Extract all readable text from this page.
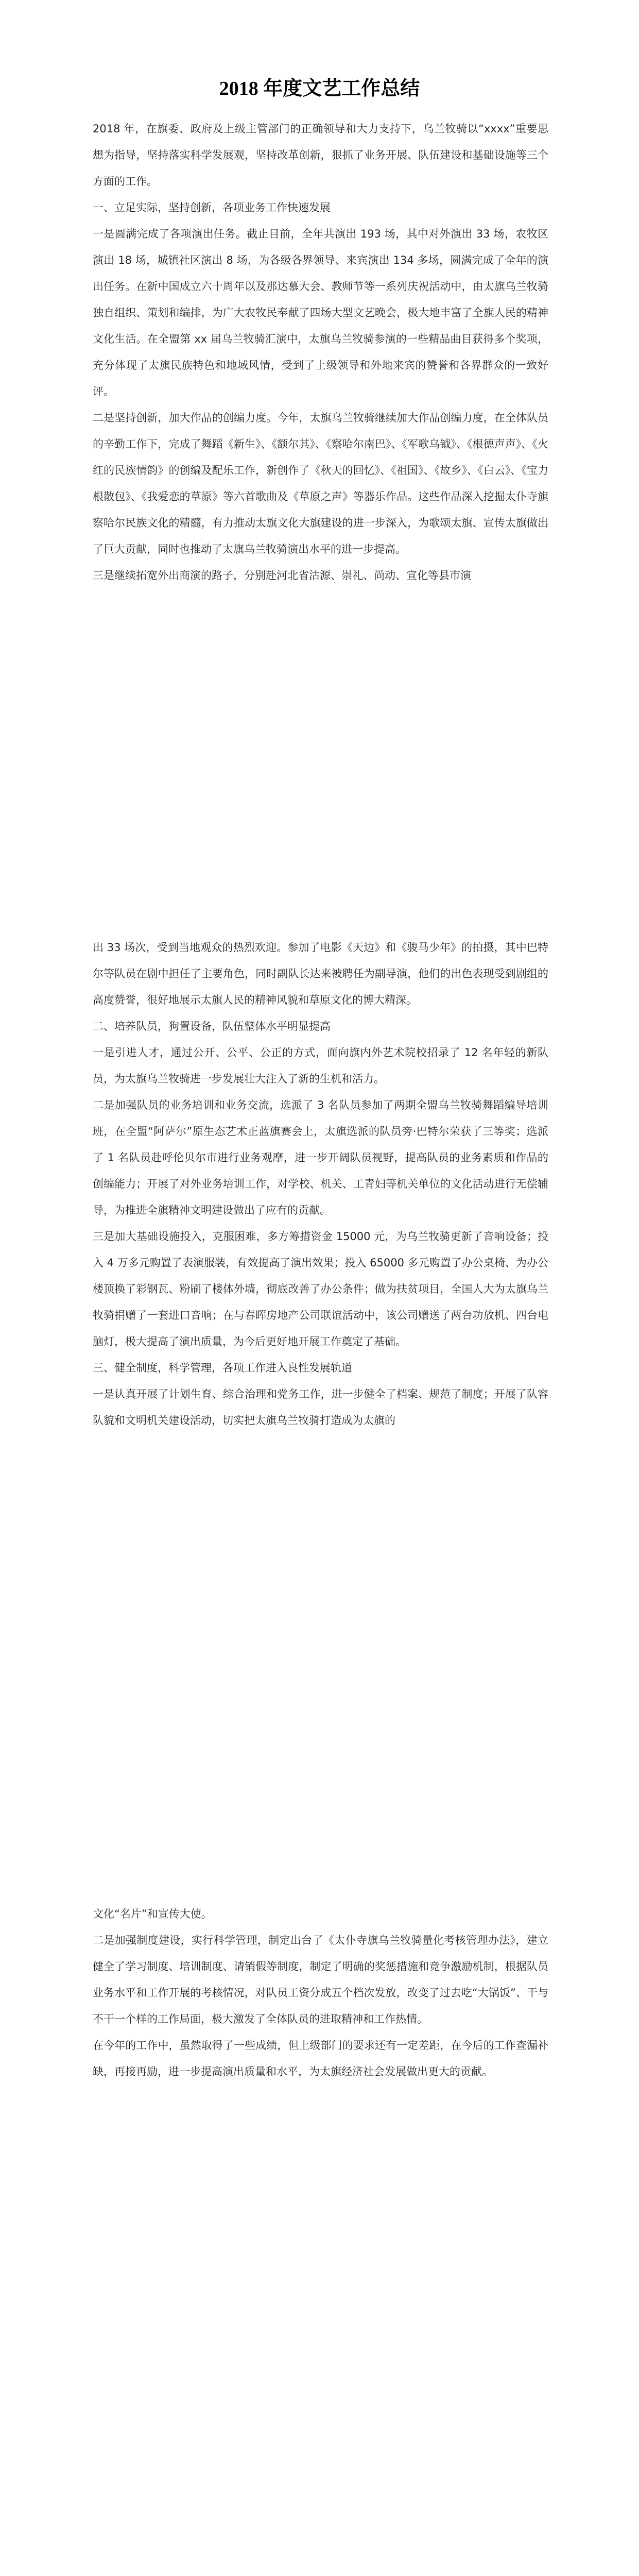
2018 年度文艺工作总结

2018 年，在旗委、政府及上级主管部门的正确领导和大力支持下，乌兰牧骑以“xxxx”重要思想为指导，坚持落实科学发展观，坚持改革创新，狠抓了业务开展、队伍建设和基础设施等三个方面的工作。

一、立足实际，坚持创新，各项业务工作快速发展

一是圆满完成了各项演出任务。截止目前，全年共演出 193 场，其中对外演出 33 场，农牧区演出 18 场，城镇社区演出 8 场，为各级各界领导、来宾演出 134 多场，圆满完成了全年的演出任务。在新中国成立六十周年以及那达慕大会、教师节等一系列庆祝活动中，由太旗乌兰牧骑独自组织、策划和编排，为广大农牧民奉献了四场大型文艺晚会，极大地丰富了全旗人民的精神文化生活。在全盟第 xx 届乌兰牧骑汇演中，太旗乌兰牧骑参演的一些精品曲目获得多个奖项，充分体现了太旗民族特色和地域风情，受到了上级领导和外地来宾的赞誉和各界群众的一致好评。

二是坚持创新，加大作品的创编力度。今年，太旗乌兰牧骑继续加大作品创编力度，在全体队员的辛勤工作下，完成了舞蹈《新生》、《额尔其》、《察哈尔南巴》、《军歌乌钺》、《根德声声》、《火红的民族情韵》的创编及配乐工作，新创作了《秋天的回忆》、《祖国》、《故乡》、《白云》、《宝力根散包》、《我爱恋的草原》等六首歌曲及《草原之声》等器乐作品。这些作品深入挖掘太仆寺旗察哈尔民族文化的精髓，有力推动太旗文化大旗建设的进一步深入，为歌颂太旗、宣传太旗做出了巨大贡献，同时也推动了太旗乌兰牧骑演出水平的进一步提高。

三是继续拓宽外出商演的路子，分别赴河北省沽源、崇礼、尚动、宣化等县市演

出 33 场次，受到当地观众的热烈欢迎。参加了电影《天边》和《骏马少年》的拍摄，其中巴特尔等队员在剧中担任了主要角色，同时副队长达来被聘任为副导演，他们的出色表现受到剧组的高度赞誉，很好地展示太旗人民的精神风貌和草原文化的博大精深。

二、培养队员，狗置设备，队伍整体水平明显提高

一是引进人才，通过公开、公平、公正的方式，面向旗内外艺术院校招录了 12 名年轻的新队员，为太旗乌兰牧骑进一步发展壮大注入了新的生机和活力。

二是加强队员的业务培训和业务交流，选派了 3 名队员参加了两期全盟乌兰牧骑舞蹈编导培训班，在全盟“阿萨尔”原生态艺术正蓝旗赛会上，太旗选派的队员旁·巴特尔荣获了三等奖；选派了 1 名队员赴呼伦贝尔市进行业务观摩，进一步开阔队员视野，提高队员的业务素质和作品的创编能力；开展了对外业务培训工作，对学校、机关、工青妇等机关单位的文化活动进行无偿辅导，为推进全旗精神文明建设做出了应有的贡献。

三是加大基础设施投入，克服困难，多方筹措资金 15000 元，为乌兰牧骑更新了音响设备；投入 4 万多元购置了表演服装，有效提高了演出效果；投入 65000 多元购置了办公桌椅、为办公楼顶换了彩钢瓦、粉刷了楼体外墙，彻底改善了办公条件；做为扶贫项目，全国人大为太旗乌兰牧骑捐赠了一套进口音响；在与春晖房地产公司联谊活动中，该公司赠送了两台功放机、四台电脑灯，极大提高了演出质量，为今后更好地开展工作奠定了基础。

三、健全制度，科学管理，各项工作进入良性发展轨道

一是认真开展了计划生育、综合治理和党务工作，进一步健全了档案、规范了制度；开展了队容队貌和文明机关建设活动，切实把太旗乌兰牧骑打造成为太旗的

文化“名片”和宣传大使。

二是加强制度建设，实行科学管理，制定出台了《太仆寺旗乌兰牧骑量化考核管理办法》，建立健全了学习制度、培训制度、请销假等制度，制定了明确的奖惩措施和竞争激励机制，根据队员业务水平和工作开展的考核情况，对队员工资分成五个档次发放，改变了过去吃“大锅饭”、干与不干一个样的工作局面，极大激发了全体队员的进取精神和工作热情。

在今年的工作中，虽然取得了一些成绩，但上级部门的要求还有一定差距，在今后的工作查漏补缺，再接再励，进一步提高演出质量和水平，为太旗经济社会发展做出更大的贡献。
